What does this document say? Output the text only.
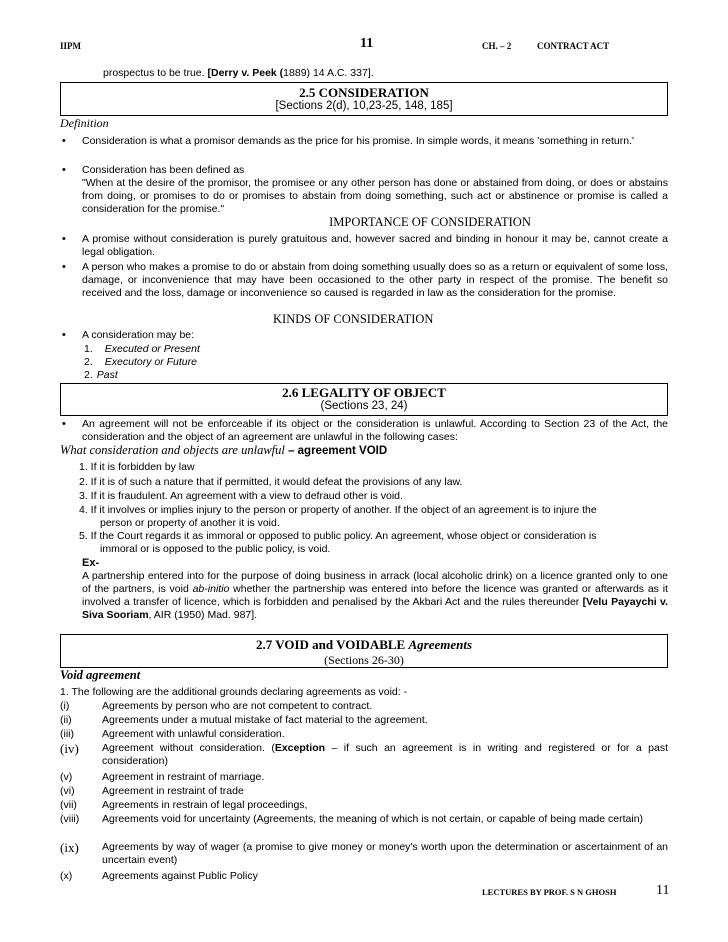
IIPM	11	CH. – 2	CONTRACT ACT
prospectus to be true. [Derry v. Peek (1889) 14 A.C. 337].
2.5 CONSIDERATION
[Sections 2(d), 10,23-25, 148, 185]
Definition
• Consideration is what a promisor demands as the price for his promise. In simple words, it means 'something in return.'
• Consideration has been defined as
"When at the desire of the promisor, the promisee or any other person has done or abstained from doing, or does or abstains from doing, or promises to do or promises to abstain from doing something, such act or abstinence or promise is called a consideration for the promise."
IMPORTANCE OF CONSIDERATION
• A promise without consideration is purely gratuitous and, however sacred and binding in honour it may be, cannot create a legal obligation.
• A person who makes a promise to do or abstain from doing something usually does so as a return or equivalent of some loss, damage, or inconvenience that may have been occasioned to the other party in respect of the promise. The benefit so received and the loss, damage or inconvenience so caused is regarded in law as the consideration for the promise.
KINDS OF CONSIDERATION
• A consideration may be:
1. Executed or Present
2. Executory or Future
2. Past
2.6 LEGALITY OF OBJECT
(Sections 23, 24)
• An agreement will not be enforceable if its object or the consideration is unlawful. According to Section 23 of the Act, the consideration and the object of an agreement are unlawful in the following cases:
What consideration and objects are unlawful – agreement VOID
1. If it is forbidden by law
2. If it is of such a nature that if permitted, it would defeat the provisions of any law.
3. If it is fraudulent. An agreement with a view to defraud other is void.
4. If it involves or implies injury to the person or property of another. If the object of an agreement is to injure the
person or property of another it is void.
5. If the Court regards it as immoral or opposed to public policy. An agreement, whose object or consideration is
immoral or is opposed to the public policy, is void.
Ex-
A partnership entered into for the purpose of doing business in arrack (local alcoholic drink) on a licence granted only to one of the partners, is void ab-initio whether the partnership was entered into before the licence was granted or afterwards as it involved a transfer of licence, which is forbidden and penalised by the Akbari Act and the rules thereunder [Velu Payaychi v. Siva Sooriam, AIR (1950) Mad. 987].
2.7 VOID and VOIDABLE Agreements
(Sections 26-30)
Void agreement
1. The following are the additional grounds declaring agreements as void: -
(i)	Agreements by person who are not competent to contract.
(ii)	Agreements under a mutual mistake of fact material to the agreement.
(iii)	Agreement with unlawful consideration.
(iv) Agreement without consideration. (Exception – if such an agreement is in writing and registered or for a past consideration)
(v)	Agreement in restraint of marriage.
(vi)	Agreement in restraint of trade
(vii) Agreements in restrain of legal proceedings,
(viii) Agreements void for uncertainty (Agreements, the meaning of which is not certain, or capable of being made certain)
(ix) Agreements by way of wager (a promise to give money or money's worth upon the determination or ascertainment of an uncertain event)
(x)	Agreements against Public Policy
LECTURES BY PROF. S N GHOSH	11
